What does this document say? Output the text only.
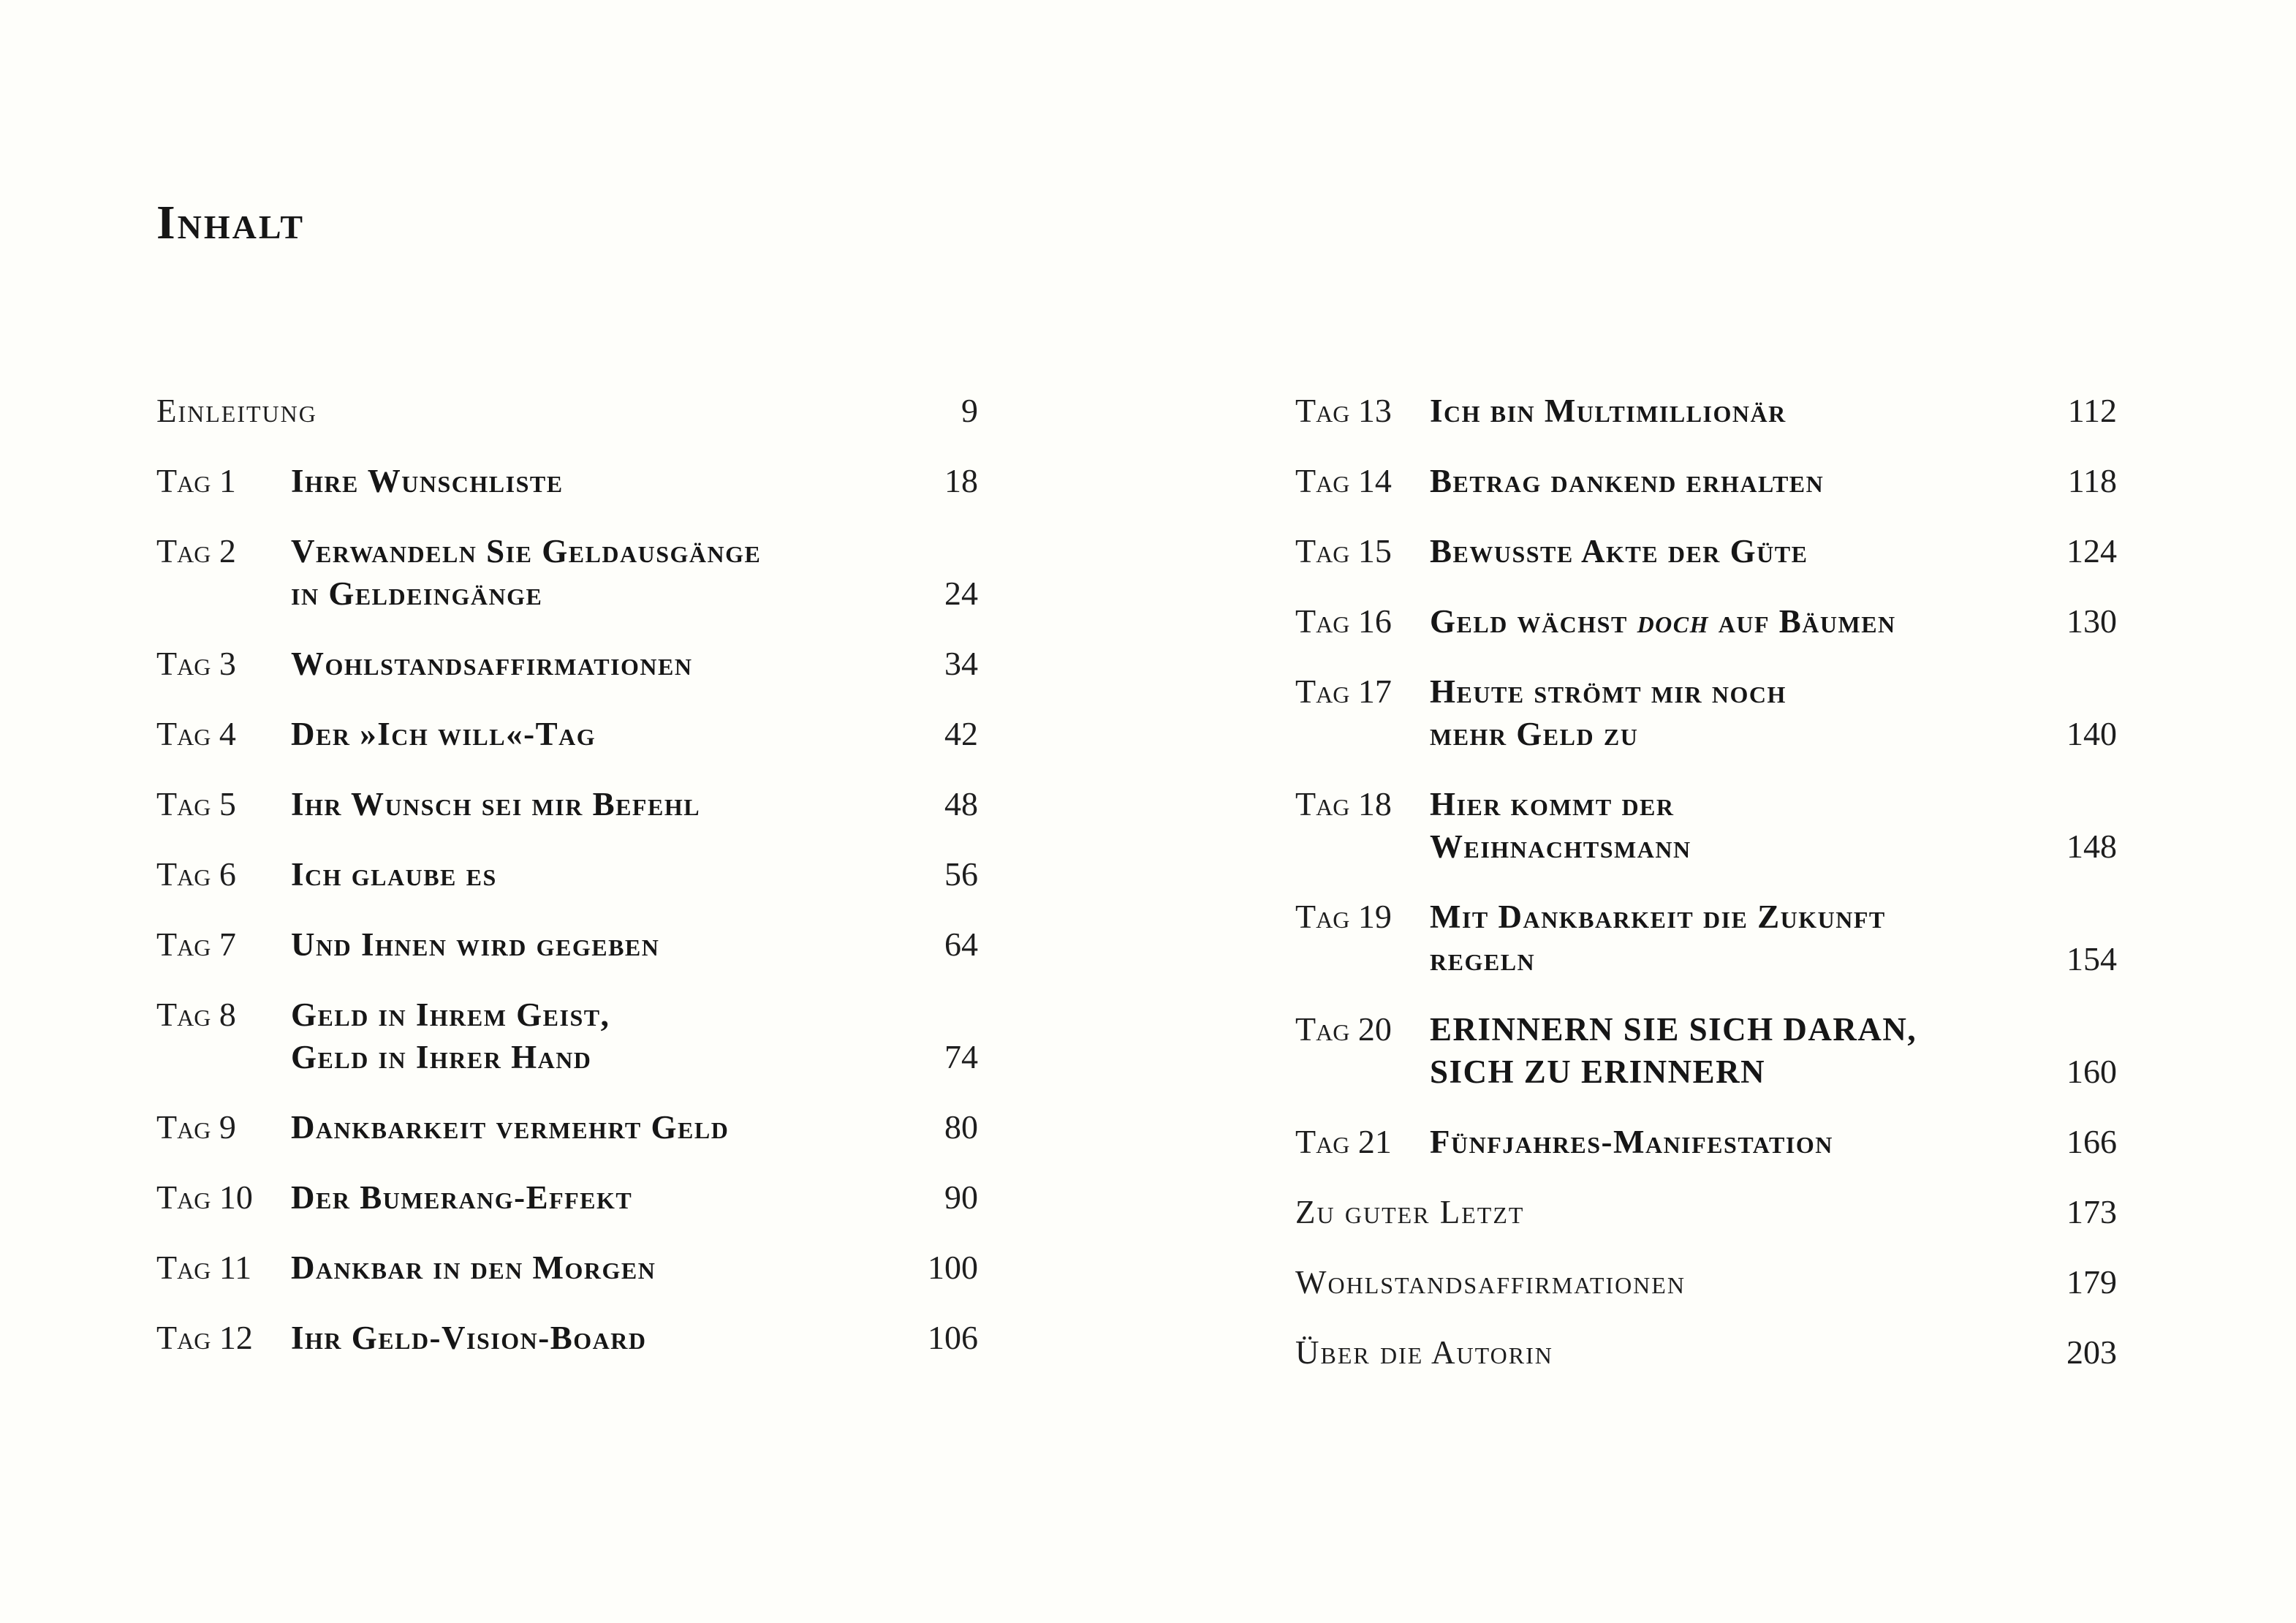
Inhalt
Einleitung	9
Tag 1	Ihre Wunschliste	18
Tag 2	Verwandeln Sie Geldausgänge
in Geldeingänge	24
Tag 3	Wohlstandsaffirmationen	34
Tag 4	Der »Ich will«-Tag	42
Tag 5	Ihr Wunsch sei mir Befehl	48
Tag 6	Ich glaube es	56
Tag 7	Und Ihnen wird gegeben	64
Tag 8	Geld in Ihrem Geist,
Geld in Ihrer Hand	74
Tag 9	Dankbarkeit vermehrt Geld	80
Tag 10	Der Bumerang-Effekt	90
Tag 11	Dankbar in den Morgen	100
Tag 12	Ihr Geld-Vision-Board	106
Tag 13	Ich bin Multimillionär	112
Tag 14	Betrag dankend erhalten	118
Tag 15	Bewusste Akte der Güte	124
Tag 16	Geld wächst doch auf Bäumen	130
Tag 17	Heute strömt mir noch
mehr Geld zu	140
Tag 18	Hier kommt der
Weihnachtsmann	148
Tag 19	Mit Dankbarkeit die Zukunft
regeln	154
Tag 20	ERINNERN SIE SICH DARAN,
SICH ZU ERINNERN	160
Tag 21	Fünfjahres-Manifestation	166
Zu guter Letzt	173
Wohlstandsaffirmationen	179
Über die Autorin	203
